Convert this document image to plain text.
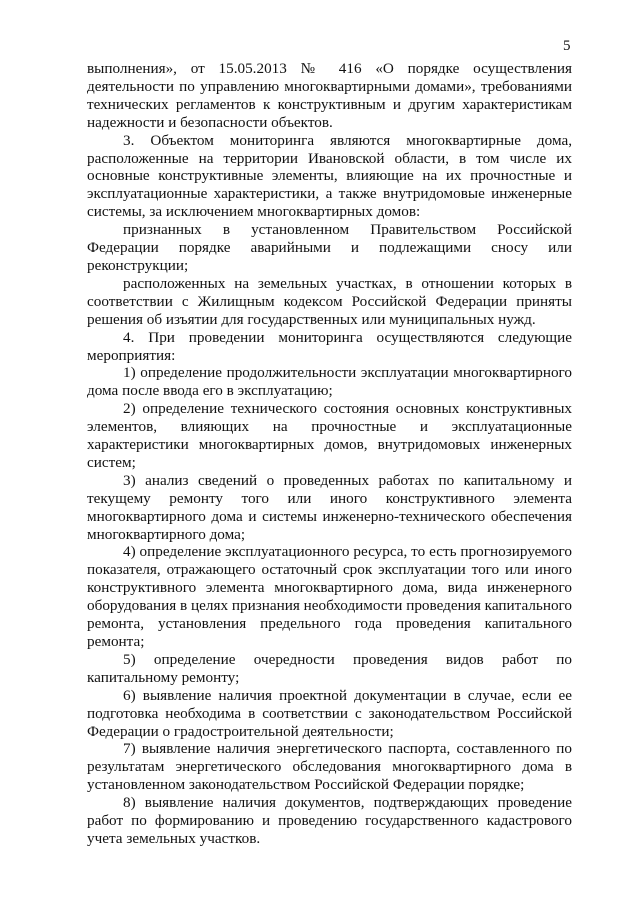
5

выполнения», от 15.05.2013 № 416 «О порядке осуществления деятельности по управлению многоквартирными домами», требованиями технических регламентов к конструктивным и другим характеристикам надежности и безопасности объектов.

3. Объектом мониторинга являются многоквартирные дома, расположенные на территории Ивановской области, в том числе их основные конструктивные элементы, влияющие на их прочностные и эксплуатационные характеристики, а также внутридомовые инженерные системы, за исключением многоквартирных домов:

признанных в установленном Правительством Российской Федерации порядке аварийными и подлежащими сносу или реконструкции;

расположенных на земельных участках, в отношении которых в соответствии с Жилищным кодексом Российской Федерации приняты решения об изъятии для государственных или муниципальных нужд.

4. При проведении мониторинга осуществляются следующие мероприятия:

1) определение продолжительности эксплуатации многоквартирного дома после ввода его в эксплуатацию;

2) определение технического состояния основных конструктивных элементов, влияющих на прочностные и эксплуатационные характеристики многоквартирных домов, внутридомовых инженерных систем;

3) анализ сведений о проведенных работах по капитальному и текущему ремонту того или иного конструктивного элемента многоквартирного дома и системы инженерно-технического обеспечения многоквартирного дома;

4) определение эксплуатационного ресурса, то есть прогнозируемого показателя, отражающего остаточный срок эксплуатации того или иного конструктивного элемента многоквартирного дома, вида инженерного оборудования в целях признания необходимости проведения капитального ремонта, установления предельного года проведения капитального ремонта;

5) определение очередности проведения видов работ по капитальному ремонту;

6) выявление наличия проектной документации в случае, если ее подготовка необходима в соответствии с законодательством Российской Федерации о градостроительной деятельности;

7) выявление наличия энергетического паспорта, составленного по результатам энергетического обследования многоквартирного дома в установленном законодательством Российской Федерации порядке;

8) выявление наличия документов, подтверждающих проведение работ по формированию и проведению государственного кадастрового учета земельных участков.
